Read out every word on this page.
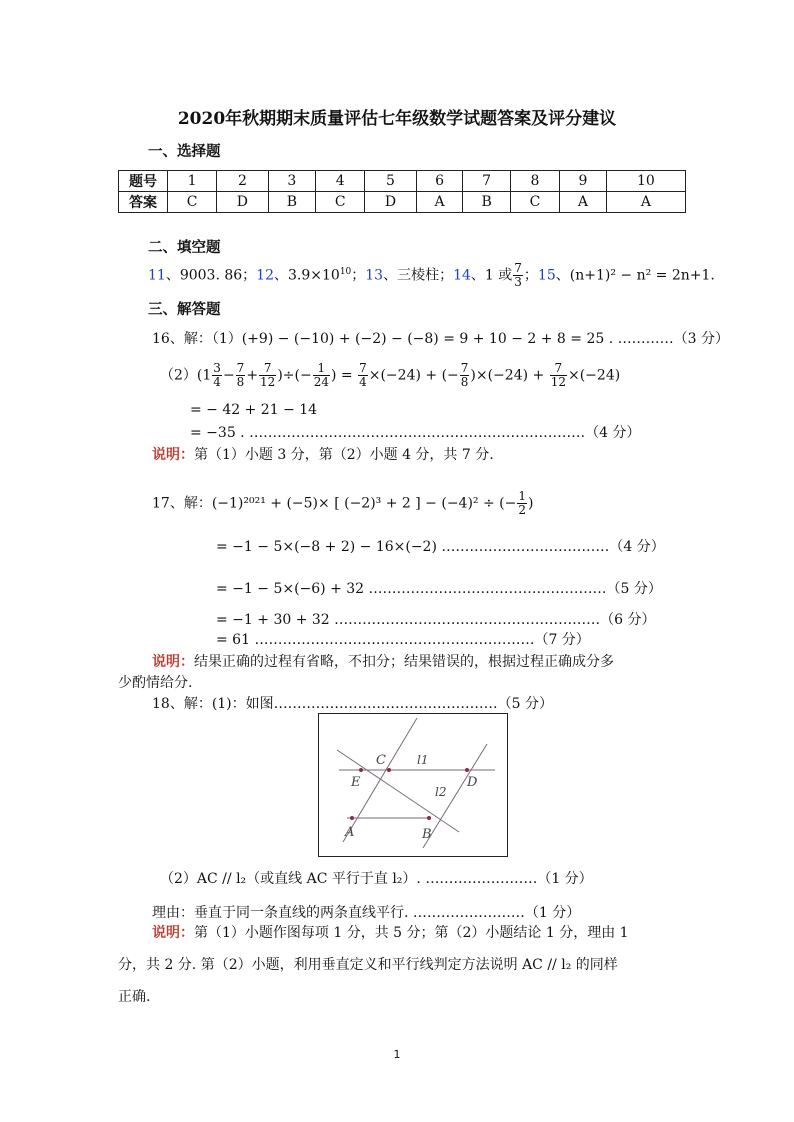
2020年秋期期末质量评估七年级数学试题答案及评分建议
一、选择题
题号	1	2	3	4	5	6	7	8	9	10
答案	C	D	B	C	D	A	B	C	A	A
二、填空题
11、9003. 86；12、$3.9\times 10^{10}$；13、三棱柱；14、1 或 $\frac{7}{3}$ ；15、(n+1)² − n² = 2n+1.
三、解答题
16、解：（1）(+9) − (−10) + (−2) − (−8) = 9 + 10 − 2 + 8 = 25 . …………（3 分）
$(2)(1 \frac{3}{4} - \frac{7}{8} + \frac{7}{12}$ )÷(− $\frac{1}{24}$ ) = $\frac{7}{4} \times(-24)$ + (− $\frac{7}{8} )\times(-24) + \frac{7}{12} \times(-24)$
= − 42 + 21 − 14
= −35 . ………………………………………………………………（4 分）
说明：第（1）小题 3 分，第（2）小题 4 分，共 7 分.
17、解：(−1)²⁰²¹ + (−5)× [ (−2)³ + 2 ] − (−4)² ÷ (− $\frac{1}{2}$ )
= −1 − 5×(−8 + 2) − 16×(−2) ………………………………（4 分）
= −1 − 5×(−6) + 32 ……………………………………………（5 分）
= −1 + 30 + 32 …………………………………………………（6 分）
= 61 ……………………………………………………（7 分）
说明：结果正确的过程有省略，不扣分；结果错误的，根据过程正确成分多
少酌情给分.
18、解：(1)：如图…………………………………………（5 分）
C	l1
E	D
l2
A	B
（2）AC // l₂（或直线 AC 平行于直 l₂）. ……………………（1 分）
理由：垂直于同一条直线的两条直线平行. ……………………（1 分）
说明：第（1）小题作图每项 1 分，共 5 分；第（2）小题结论 1 分，理由 1
分，共 2 分. 第（2）小题，利用垂直定义和平行线判定方法说明 AC // l₂ 的同样
正确.
1
